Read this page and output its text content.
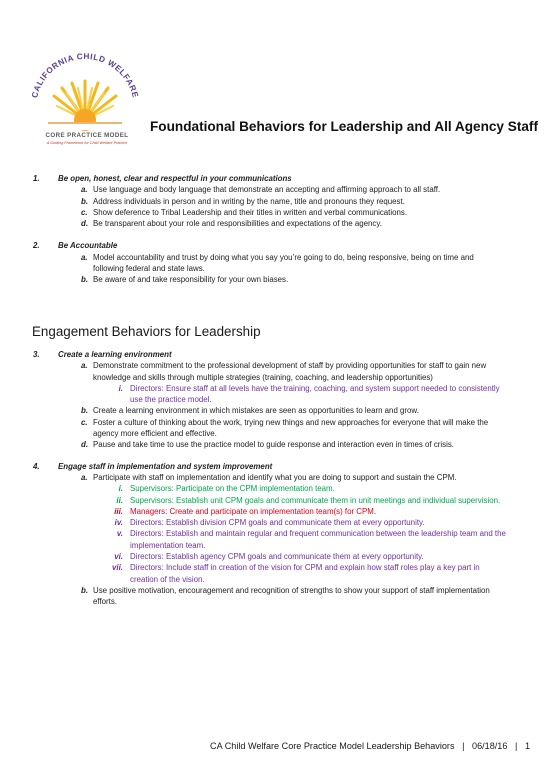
CALIFORNIA CHILD WELFARE
CORE PRACTICE MODEL
A Guiding Framework for Child Welfare Practice
Foundational Behaviors for Leadership and All Agency Staff
1. Be open, honest, clear and respectful in your communications
a. Use language and body language that demonstrate an accepting and affirming approach to all staff.
b. Address individuals in person and in writing by the name, title and pronouns they request.
c. Show deference to Tribal Leadership and their titles in written and verbal communications.
d. Be transparent about your role and responsibilities and expectations of the agency.
2. Be Accountable
a. Model accountability and trust by doing what you say you’re going to do, being responsive, being on time and following federal and state laws.
b. Be aware of and take responsibility for your own biases.
Engagement Behaviors for Leadership
3. Create a learning environment
a. Demonstrate commitment to the professional development of staff by providing opportunities for staff to gain new knowledge and skills through multiple strategies (training, coaching, and leadership opportunities)
i. Directors: Ensure staff at all levels have the training, coaching, and system support needed to consistently use the practice model.
b. Create a learning environment in which mistakes are seen as opportunities to learn and grow.
c. Foster a culture of thinking about the work, trying new things and new approaches for everyone that will make the agency more efficient and effective.
d. Pause and take time to use the practice model to guide response and interaction even in times of crisis.
4. Engage staff in implementation and system improvement
a. Participate with staff on implementation and identify what you are doing to support and sustain the CPM.
i. Supervisors: Participate on the CPM implementation team.
ii. Supervisors: Establish unit CPM goals and communicate them in unit meetings and individual supervision.
iii. Managers: Create and participate on implementation team(s) for CPM.
iv. Directors: Establish division CPM goals and communicate them at every opportunity.
v. Directors: Establish and maintain regular and frequent communication between the leadership team and the implementation team.
vi. Directors: Establish agency CPM goals and communicate them at every opportunity.
vii. Directors: Include staff in creation of the vision for CPM and explain how staff roles play a key part in creation of the vision.
b. Use positive motivation, encouragement and recognition of strengths to show your support of staff implementation efforts.
CA Child Welfare Core Practice Model Leadership Behaviors   |   06/18/16   |   1
